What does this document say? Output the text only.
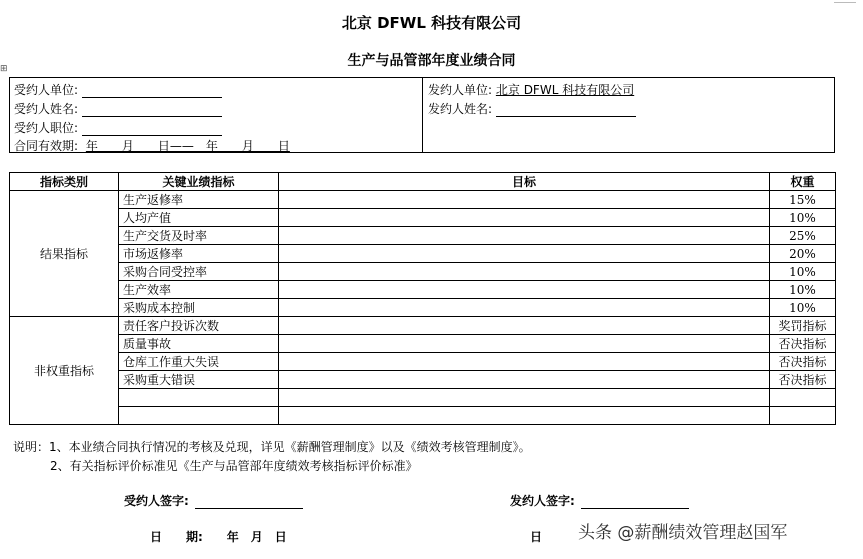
北京 DFWL 科技有限公司
⊞	生产与品管部年度业绩合同
受约人单位:
受约人姓名:
受约人职位:
合同有效期: 年　　月　　日——　年　　月　　日
发约人单位: 北京 DFWL 科技有限公司
发约人姓名:
指标类别	关键业绩指标	目标	权重
结果指标	生产返修率		15%
	人均产值		10%
	生产交货及时率		25%
	市场返修率		20%
	采购合同受控率		10%
	生产效率		10%
	采购成本控制		10%
非权重指标	责任客户投诉次数		奖罚指标
	质量事故		否决指标
	仓库工作重大失误		否决指标
	采购重大错误		否决指标

说明：1、本业绩合同执行情况的考核及兑现，详见《薪酬管理制度》以及《绩效考核管理制度》。
2、有关指标评价标准见《生产与品管部年度绩效考核指标评价标准》
受约人签字:	发约人签字:
日　　期:　　年　月　日	日 头条 @薪酬绩效管理赵国军
